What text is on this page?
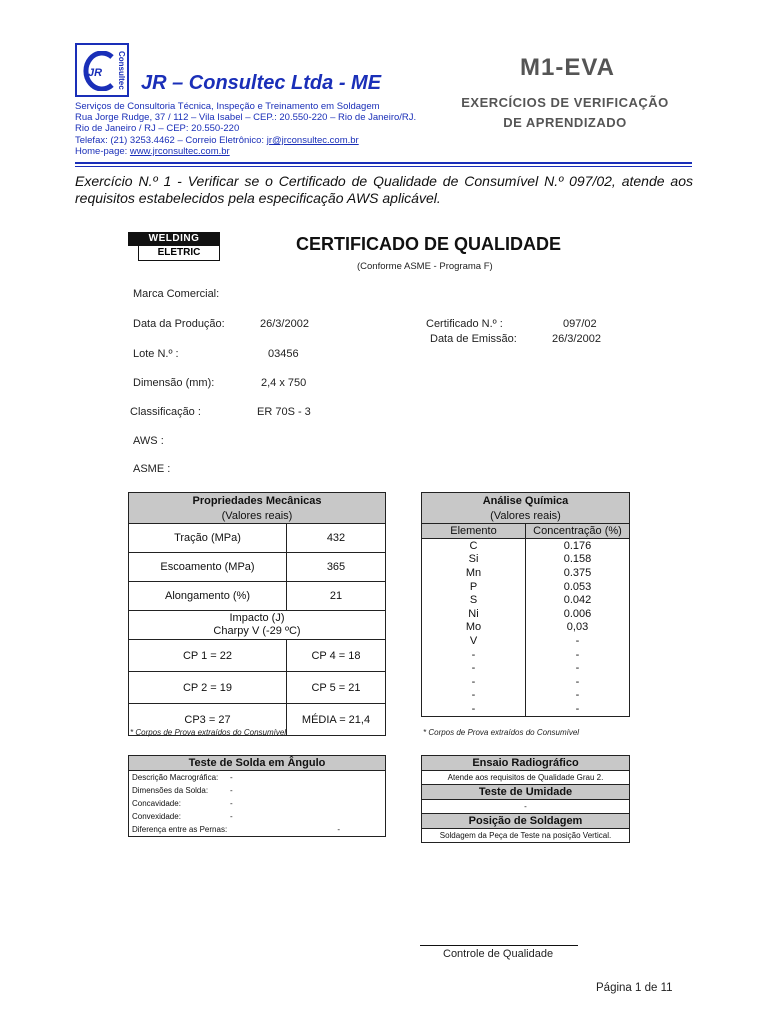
JR	Consultec JR – Consultec Ltda - ME
Serviços de Consultoria Técnica, Inspeção e Treinamento em Soldagem
Rua Jorge Rudge, 37 / 112 – Vila Isabel – CEP.: 20.550-220 – Rio de Janeiro/RJ.
Rio de Janeiro / RJ – CEP: 20.550-220
Telefax: (21) 3253.4462 – Correio Eletrônico: jr@jrconsultec.com.br
Home-page: www.jrconsultec.com.br
M1-EVA
EXERCÍCIOS DE VERIFICAÇÃO
DE APRENDIZADO
Exercício N.º 1 - Verificar se o Certificado de Qualidade de Consumível N.º 097/02, atende aos requisitos estabelecidos pela especificação AWS aplicável.
WELDING
ELETRIC	CERTIFICADO DE QUALIDADE
(Conforme ASME - Programa F)
Marca Comercial:
Data da Produção:	26/3/2002	Certificado N.º :	097/02
Data de Emissão:	26/3/2002
Lote N.º :	03456
Dimensão (mm):	2,4 x 750
Classificação :	ER 70S - 3
AWS :
ASME :
Propriedades Mecânicas	
(Valores reais)	
Tração (MPa)	432
Escoamento (MPa)	365
Alongamento (%)	21

Impacto (J)
Charpy V (-29 ºC)	

CP 1 = 22	CP 4 = 18
CP 2 = 19	CP 5 = 21
CP3 = 27	MÉDIA = 21,4
* Corpos de Prova extraídos do Consumível
Análise Química	
(Valores reais)	
Elemento	Concentração (%)
C	0.176
Si	0.158
Mn	0.375
P	0.053
S	0.042
Ni	0.006
Mo	0,03
V	-
-	-
-	-
-	-
-	-
-	-
* Corpos de Prova extraídos do Consumível
Teste de Solda em Ângulo	
Descrição Macrográfica:	-
Dimensões da Solda:	-
Concavidade:	-
Convexidade:	-
Diferença entre as Pernas:	-
Ensaio Radiográfico
Atende aos requisitos de Qualidade Grau 2.
Teste de Umidade
-
Posição de Soldagem
Soldagem da Peça de Teste na posição Vertical.
Controle de Qualidade
Página 1 de 11
